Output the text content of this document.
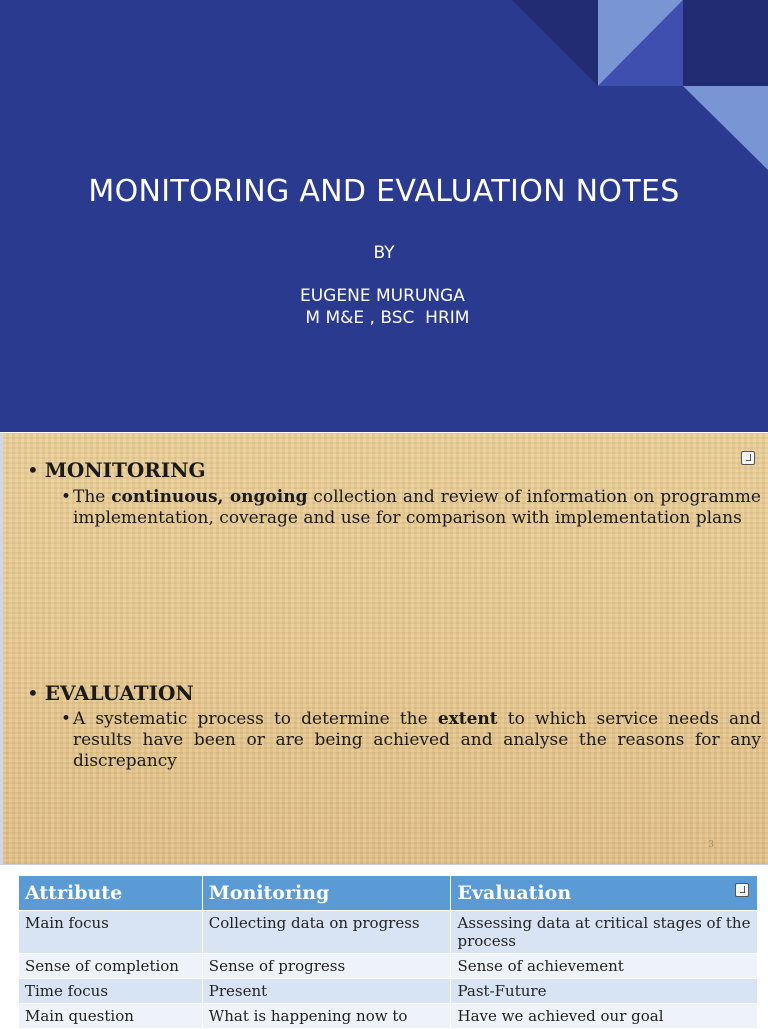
MONITORING AND EVALUATION NOTES
BY
EUGENE MURUNGA
M M&E , BSC  HRIM
• MONITORING
• The continuous, ongoing collection and review of information on programme implementation, coverage and use for comparison with implementation plans
• EVALUATION
• A systematic process to determine the extent to which service needs and results have been or are being achieved and analyse the reasons for any discrepancy
3
Attribute	Monitoring	Evaluation
Main focus	Collecting data on progress	Assessing data at critical stages of the process
Sense of completion	Sense of progress	Sense of achievement
Time focus	Present	Past-Future
Main question	What is happening now to	Have we achieved our goal
